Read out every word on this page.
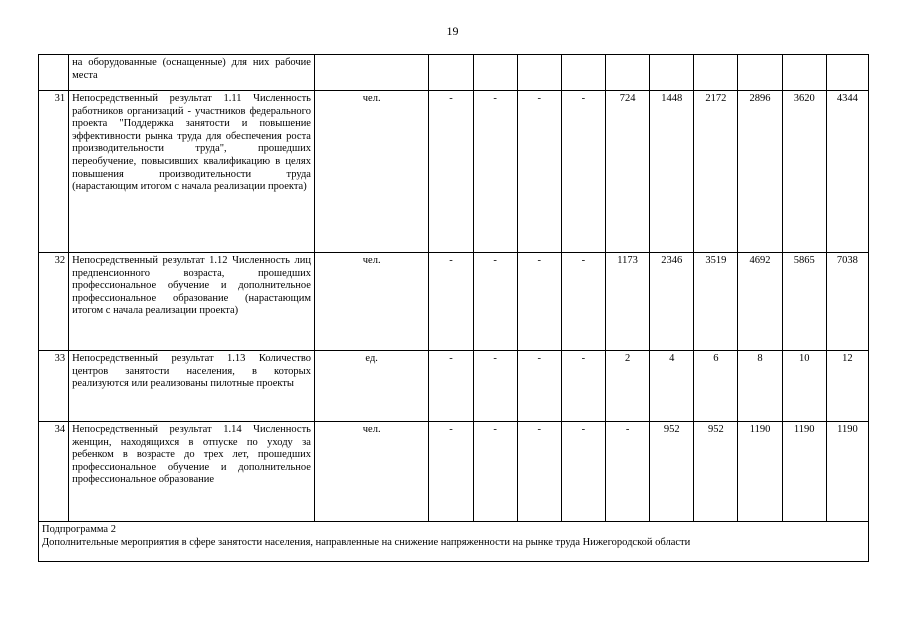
19
	на оборудованные (оснащенные) для них рабочие места											
31	Непосредственный результат 1.11 Численность работников организаций - участников федерального проекта "Поддержка занятости и повышение эффективности рынка труда для обеспечения роста производительности труда", прошедших переобучение, повысивших квалификацию в целях повышения производительности труда (нарастающим итогом с начала реализации проекта)	чел.	-	-	-	-	724	1448	2172	2896	3620	4344
32	Непосредственный результат 1.12 Численность лиц предпенсионного возраста, прошедших профессиональное обучение и дополнительное профессиональное образование (нарастающим итогом с начала реализации проекта)	чел.	-	-	-	-	1173	2346	3519	4692	5865	7038
33	Непосредственный результат 1.13 Количество центров занятости населения, в которых реализуются или реализованы пилотные проекты	ед.	-	-	-	-	2	4	6	8	10	12
34	Непосредственный результат 1.14 Численность женщин, находящихся в отпуске по уходу за ребенком в возрасте до трех лет, прошедших профессиональное обучение и дополнительное профессиональное образование	чел.	-	-	-	-	-	952	952	1190	1190	1190

Подпрограмма 2
Дополнительные мероприятия в сфере занятости населения, направленные на снижение напряженности на рынке труда Нижегородской области												
